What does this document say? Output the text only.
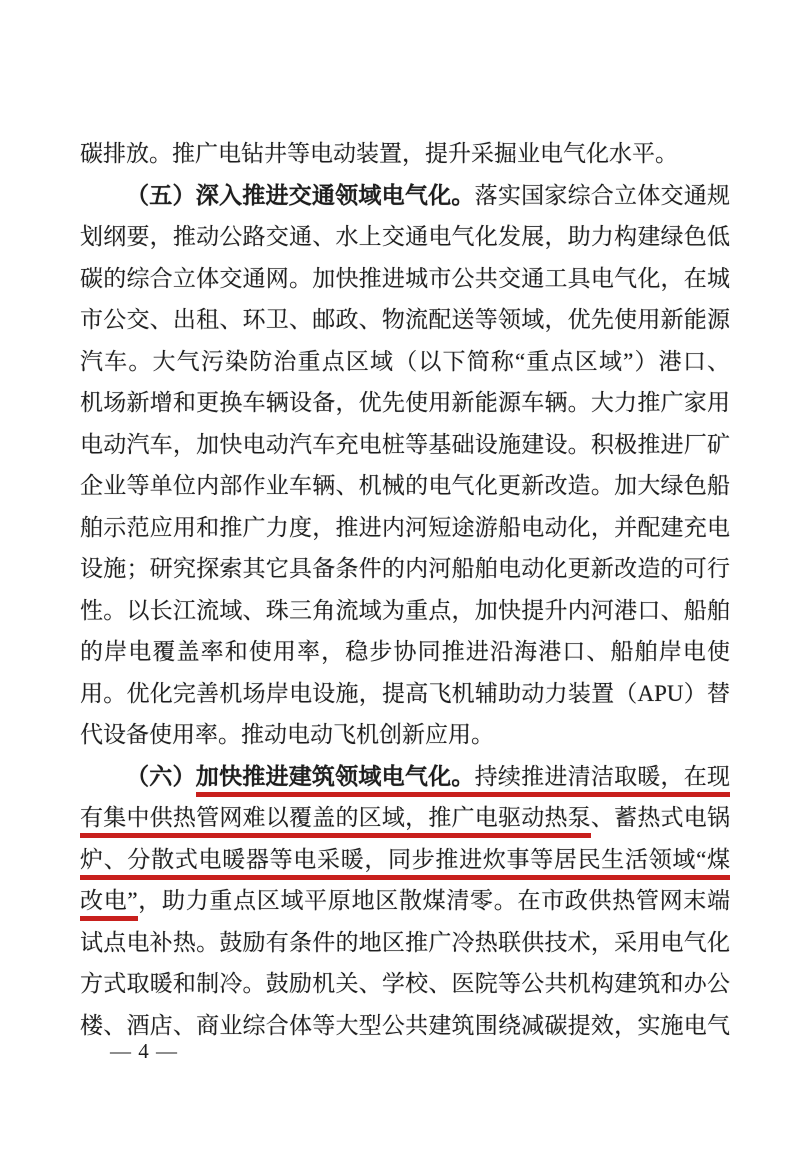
碳排放。推广电钻井等电动装置，提升采掘业电气化水平。
（五）深入推进交通领域电气化。落实国家综合立体交通规
划纲要，推动公路交通、水上交通电气化发展，助力构建绿色低
碳的综合立体交通网。加快推进城市公共交通工具电气化，在城
市公交、出租、环卫、邮政、物流配送等领域，优先使用新能源
汽车。大气污染防治重点区域（以下简称“重点区域”）港口、
机场新增和更换车辆设备，优先使用新能源车辆。大力推广家用
电动汽车，加快电动汽车充电桩等基础设施建设。积极推进厂矿
企业等单位内部作业车辆、机械的电气化更新改造。加大绿色船
舶示范应用和推广力度，推进内河短途游船电动化，并配建充电
设施；研究探索其它具备条件的内河船舶电动化更新改造的可行
性。以长江流域、珠三角流域为重点，加快提升内河港口、船舶
的岸电覆盖率和使用率，稳步协同推进沿海港口、船舶岸电使
用。优化完善机场岸电设施，提高飞机辅助动力装置（APU）替
代设备使用率。推动电动飞机创新应用。
（六）加快推进建筑领域电气化。持续推进清洁取暖，在现
有集中供热管网难以覆盖的区域，推广电驱动热泵、蓄热式电锅
炉、分散式电暖器等电采暖，同步推进炊事等居民生活领域“煤
改电”，助力重点区域平原地区散煤清零。在市政供热管网末端
试点电补热。鼓励有条件的地区推广冷热联供技术，采用电气化
方式取暖和制冷。鼓励机关、学校、医院等公共机构建筑和办公
楼、酒店、商业综合体等大型公共建筑围绕减碳提效，实施电气
— 4 —
